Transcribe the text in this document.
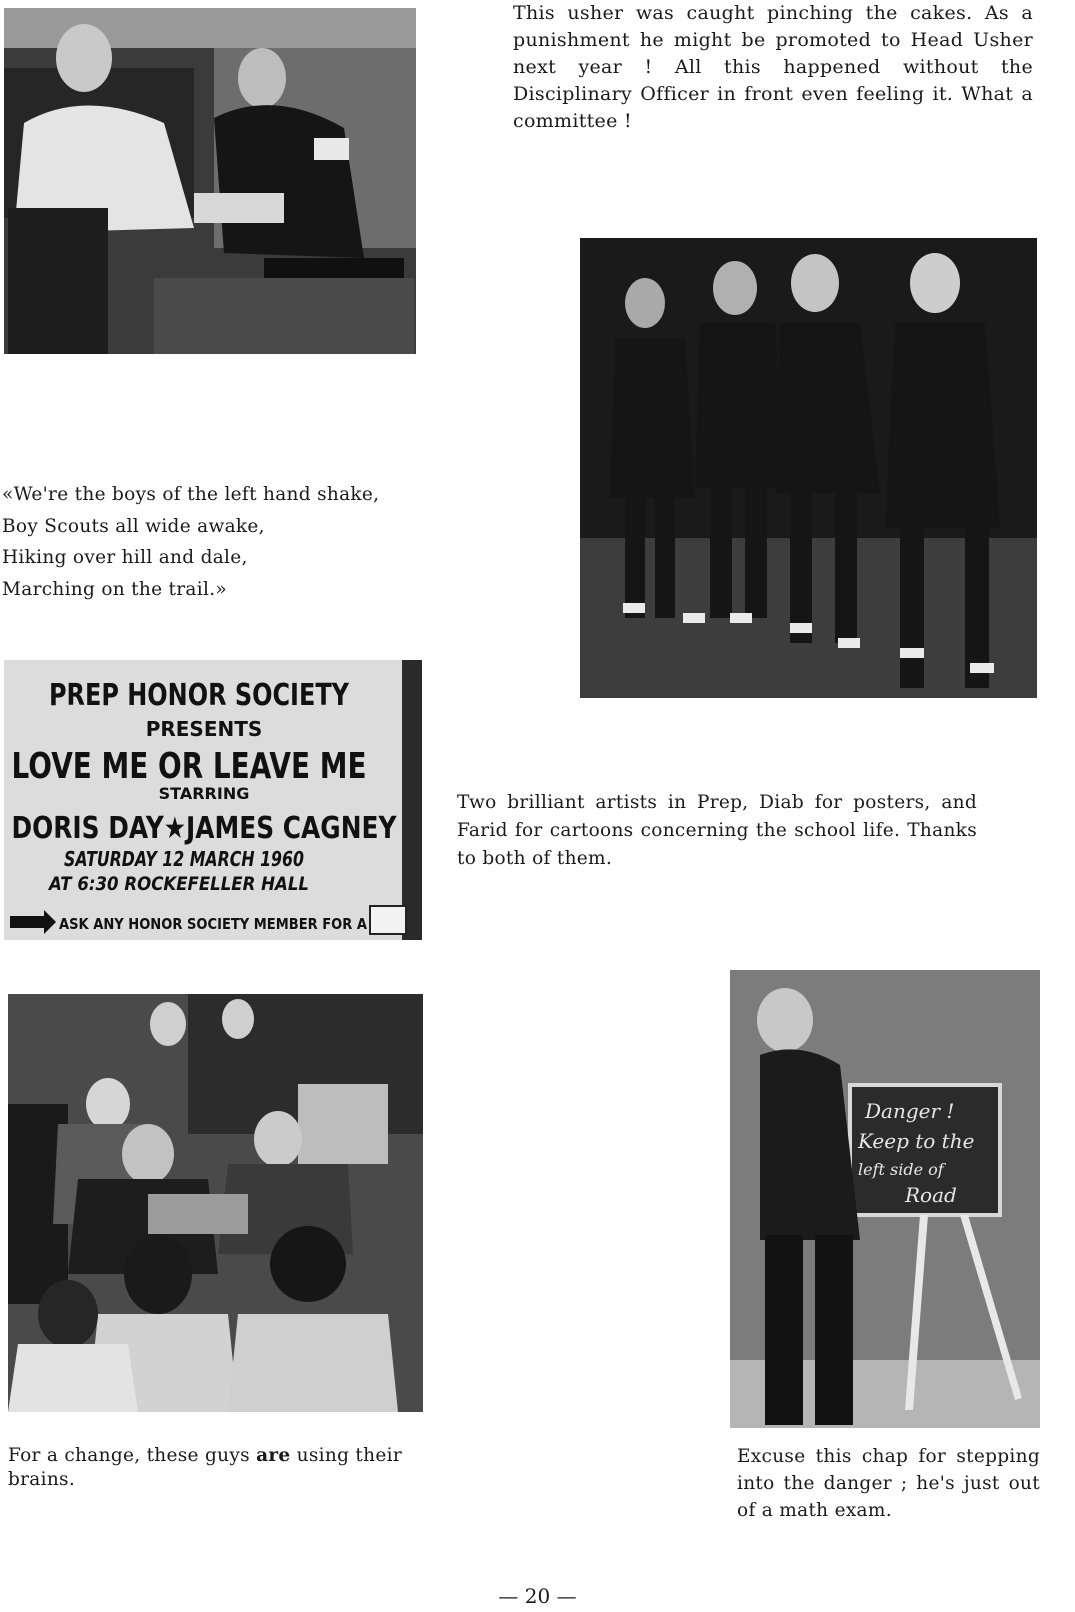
This usher was caught pinching the cakes. As a punishment he might be promoted to Head Usher next year ! All this happened without the Disciplinary Officer in front even feeling it. What a committee !
«We're the boys of the left hand shake,
Boy Scouts all wide awake,
Hiking over hill and dale,
Marching on the trail.»
PREP HONOR SOCIETY
PRESENTS
LOVE ME OR LEAVE ME
STARRING
DORIS DAY★JAMES CAGNEY
SATURDAY 12 MARCH 1960
AT 6:30 ROCKEFELLER HALL
ASK ANY HONOR SOCIETY MEMBER FOR A
Two brilliant artists in Prep, Diab for posters, and Farid for cartoons concerning the school life. Thanks to both of them.
For a change, these guys are using their brains.
Danger !
Keep to the
left side of
Road
Excuse this chap for stepping into the danger ; he's just out of a math exam.
— 20 —
